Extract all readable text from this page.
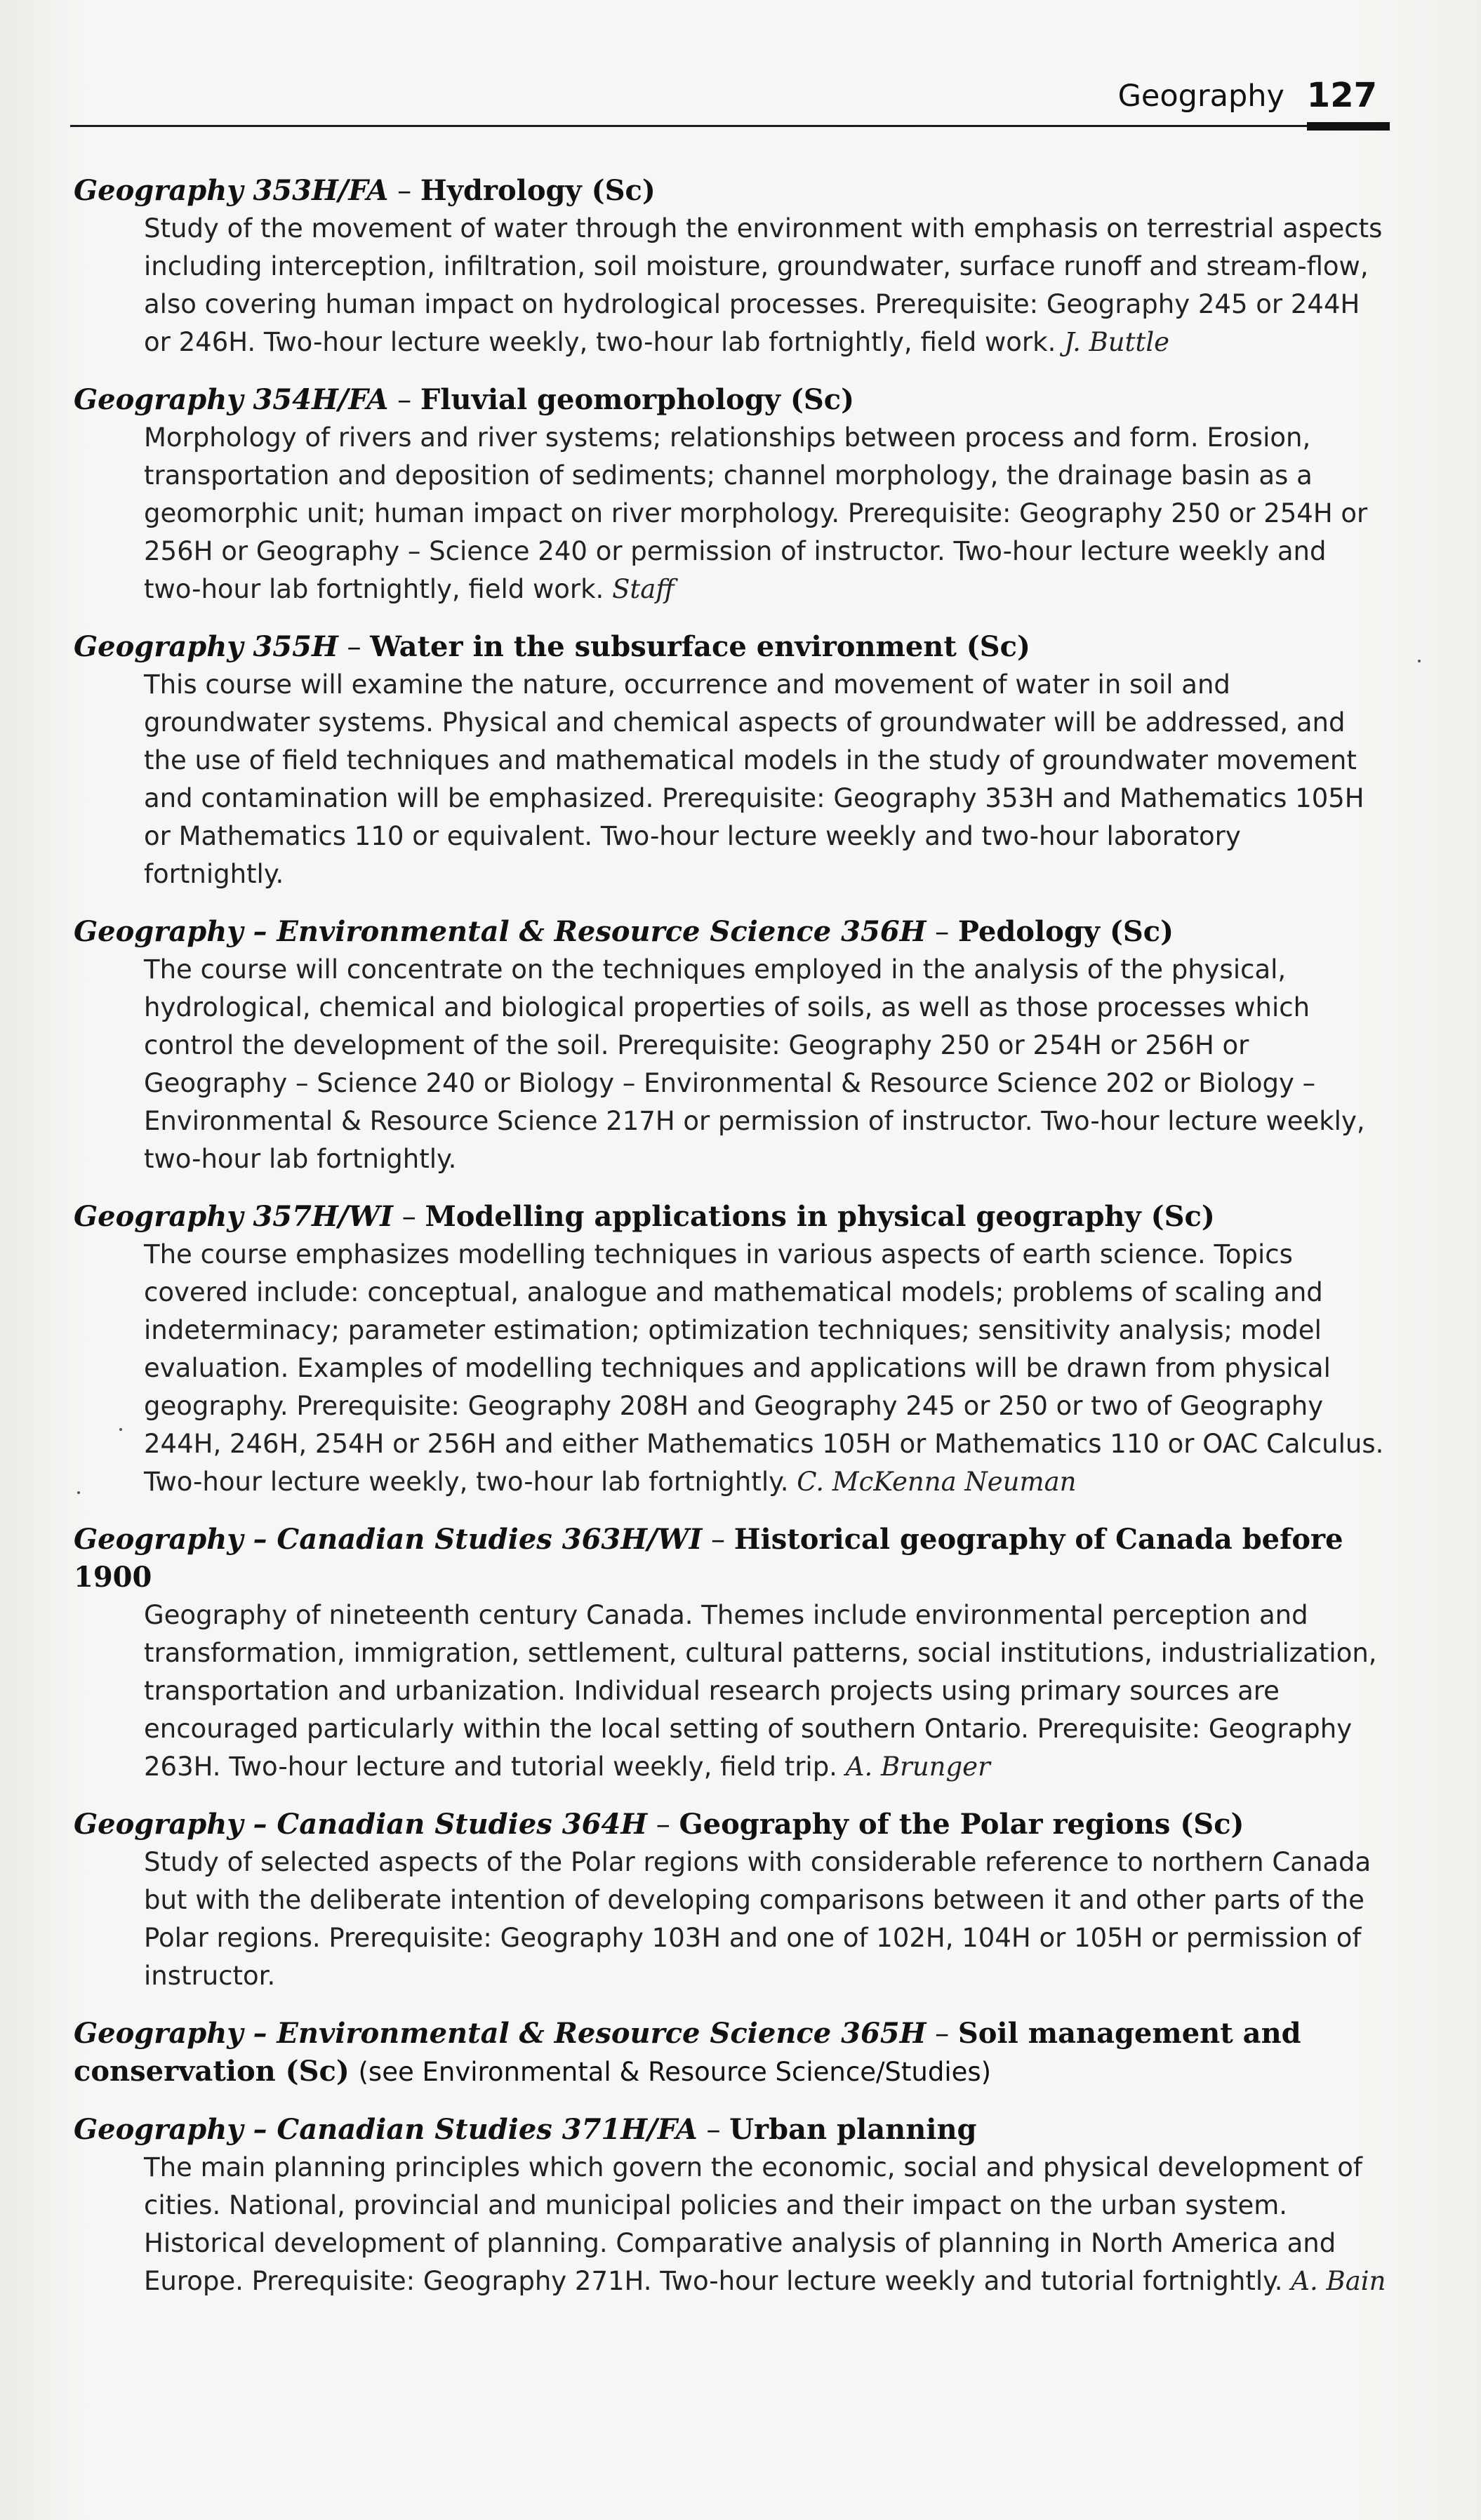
Geography 127
Geography 353H/FA – Hydrology (Sc)
Study of the movement of water through the environment with emphasis on terrestrial aspects including interception, infiltration, soil moisture, groundwater, surface runoff and stream-flow, also covering human impact on hydrological processes. Prerequisite: Geography 245 or 244H or 246H. Two-hour lecture weekly, two-hour lab fortnightly, field work. J. Buttle
Geography 354H/FA – Fluvial geomorphology (Sc)
Morphology of rivers and river systems; relationships between process and form. Erosion, transportation and deposition of sediments; channel morphology, the drainage basin as a geomorphic unit; human impact on river morphology. Prerequisite: Geography 250 or 254H or 256H or Geography – Science 240 or permission of instructor. Two-hour lecture weekly and two-hour lab fortnightly, field work. Staff
Geography 355H – Water in the subsurface environment (Sc)
This course will examine the nature, occurrence and movement of water in soil and groundwater systems. Physical and chemical aspects of groundwater will be addressed, and the use of field techniques and mathematical models in the study of groundwater movement and contamination will be emphasized. Prerequisite: Geography 353H and Mathematics 105H or Mathematics 110 or equivalent. Two-hour lecture weekly and two-hour laboratory fortnightly.
Geography – Environmental & Resource Science 356H – Pedology (Sc)
The course will concentrate on the techniques employed in the analysis of the physical, hydrological, chemical and biological properties of soils, as well as those processes which control the development of the soil. Prerequisite: Geography 250 or 254H or 256H or Geography – Science 240 or Biology – Environmental & Resource Science 202 or Biology – Environmental & Resource Science 217H or permission of instructor. Two-hour lecture weekly, two-hour lab fortnightly.
Geography 357H/WI – Modelling applications in physical geography (Sc)
The course emphasizes modelling techniques in various aspects of earth science. Topics covered include: conceptual, analogue and mathematical models; problems of scaling and indeterminacy; parameter estimation; optimization techniques; sensitivity analysis; model evaluation. Examples of modelling techniques and applications will be drawn from physical geography. Prerequisite: Geography 208H and Geography 245 or 250 or two of Geography 244H, 246H, 254H or 256H and either Mathematics 105H or Mathematics 110 or OAC Calculus. Two-hour lecture weekly, two-hour lab fortnightly. C. McKenna Neuman
Geography – Canadian Studies 363H/WI – Historical geography of Canada before 1900
Geography of nineteenth century Canada. Themes include environmental perception and transformation, immigration, settlement, cultural patterns, social institutions, industrialization, transportation and urbanization. Individual research projects using primary sources are encouraged particularly within the local setting of southern Ontario. Prerequisite: Geography 263H. Two-hour lecture and tutorial weekly, field trip. A. Brunger
Geography – Canadian Studies 364H – Geography of the Polar regions (Sc)
Study of selected aspects of the Polar regions with considerable reference to northern Canada but with the deliberate intention of developing comparisons between it and other parts of the Polar regions. Prerequisite: Geography 103H and one of 102H, 104H or 105H or permission of instructor.
Geography – Environmental & Resource Science 365H – Soil management and conservation (Sc) (see Environmental & Resource Science/Studies)
Geography – Canadian Studies 371H/FA – Urban planning
The main planning principles which govern the economic, social and physical development of cities. National, provincial and municipal policies and their impact on the urban system. Historical development of planning. Comparative analysis of planning in North America and Europe. Prerequisite: Geography 271H. Two-hour lecture weekly and tutorial fortnightly. A. Bain
